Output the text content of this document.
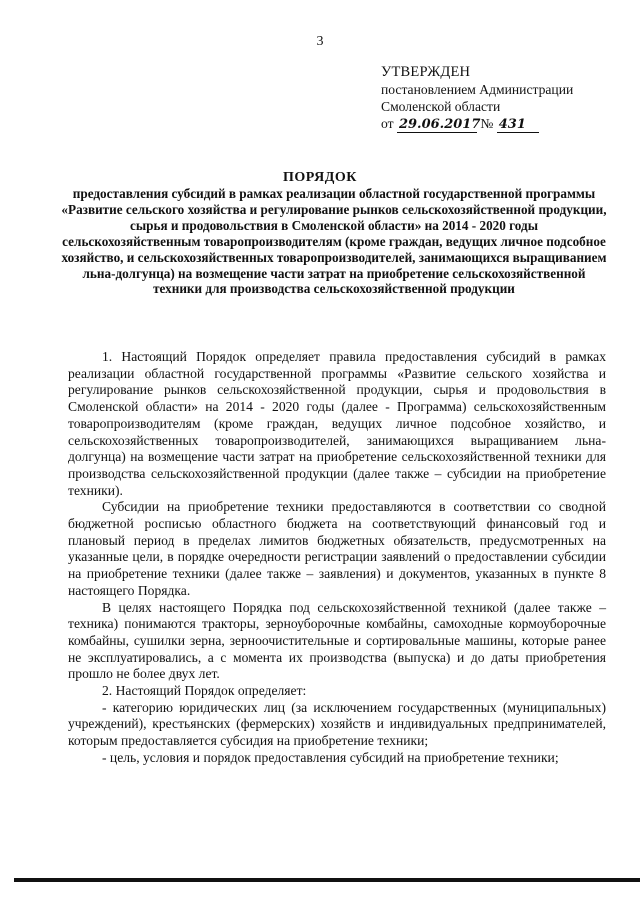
3
УТВЕРЖДЕН
постановлением Администрации
Смоленской области
от 29.06.2017 № 431
ПОРЯДОК
предоставления субсидий в рамках реализации областной государственной программы «Развитие сельского хозяйства и регулирование рынков сельскохозяйственной продукции, сырья и продовольствия в Смоленской области» на 2014 - 2020 годы сельскохозяйственным товаропроизводителям (кроме граждан, ведущих личное подсобное хозяйство, и сельскохозяйственных товаропроизводителей, занимающихся выращиванием льна-долгунца) на возмещение части затрат на приобретение сельскохозяйственной техники для производства сельскохозяйственной продукции

1. Настоящий Порядок определяет правила предоставления субсидий в рамках реализации областной государственной программы «Развитие сельского хозяйства и регулирование рынков сельскохозяйственной продукции, сырья и продовольствия в Смоленской области» на 2014 - 2020 годы (далее - Программа) сельскохозяйственным товаропроизводителям (кроме граждан, ведущих личное подсобное хозяйство, и сельскохозяйственных товаропроизводителей, занимающихся выращиванием льна-долгунца) на возмещение части затрат на приобретение сельскохозяйственной техники для производства сельскохозяйственной продукции (далее также – субсидии на приобретение техники).

Субсидии на приобретение техники предоставляются в соответствии со сводной бюджетной росписью областного бюджета на соответствующий финансовый год и плановый период в пределах лимитов бюджетных обязательств, предусмотренных на указанные цели, в порядке очередности регистрации заявлений о предоставлении субсидии на приобретение техники (далее также – заявления) и документов, указанных в пункте 8 настоящего Порядка.

В целях настоящего Порядка под сельскохозяйственной техникой (далее также – техника) понимаются тракторы, зерноуборочные комбайны, самоходные кормоуборочные комбайны, сушилки зерна, зерноочистительные и сортировальные машины, которые ранее не эксплуатировались, а с момента их производства (выпуска) и до даты приобретения прошло не более двух лет.

2. Настоящий Порядок определяет:

- категорию юридических лиц (за исключением государственных (муниципальных) учреждений), крестьянских (фермерских) хозяйств и индивидуальных предпринимателей, которым предоставляется субсидия на приобретение техники;

- цель, условия и порядок предоставления субсидий на приобретение техники;
